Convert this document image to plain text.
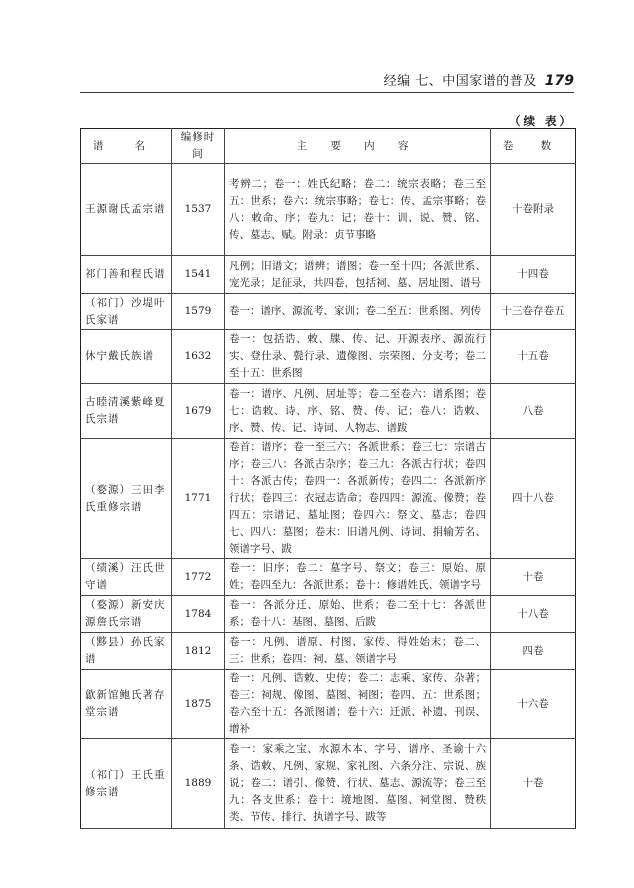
经编 七、中国家谱的普及 179
（续 表）
谱 名	编修时间	主 要 内 容	卷 数
王源谢氏孟宗谱	1537	考辨二；卷一：姓氏纪略；卷二：统宗表略；卷三至五：世系；卷六：统宗事略；卷七：传、孟宗事略；卷八：敕命、序；卷九：记；卷十：训、说、赞、铭、传、墓志、赋。附录：贞节事略	十卷附录
祁门善和程氏谱	1541	凡例；旧谱文；谱辨；谱图；卷一至十四；各派世系、宠光录；足征录，共四卷，包括祠、墓、居址图、谱号	十四卷
（祁门）沙堤叶氏家谱	1579	卷一：谱序、源流考、家训；卷二至五：世系图、列传	十三卷存卷五
休宁戴氏族谱	1632	卷一：包括诰、敕、牒、传、记、开源表序、源流行实、登仕录、甏行录、遗像图、宗荣图、分支考；卷二至十五：世系图	十五卷
古睦清溪紫峰夏氏宗谱	1679	卷一：谱序、凡例、居址等；卷二至卷六：谱系图；卷七：诰敕、诗、序、铭、赞、传、记；卷八：诰敕、序、赞、传、记、诗词、人物志、谱跋	八卷
（婺源）三田李氏重修宗谱	1771	卷首：谱序；卷一至三六：各派世系；卷三七：宗谱古序；卷三八：各派古杂序；卷三九：各派古行状；卷四十：各派古传；卷四一：各派新传；卷四二：各派新序行状；卷四三：衣冠志诰命；卷四四：源流、像赞；卷四五：宗谱记、墓址图；卷四六：祭文、墓志；卷四七、四八：墓图；卷末：旧谱凡例、诗词、捐输芳名、领谱字号、跋	四十八卷
（绩溪）汪氏世守谱	1772	卷一：旧序；卷二：墓字号、祭文；卷三：原始、原姓；卷四至九：各派世系；卷十：修谱姓氏、领谱字号	十卷
（婺源）新安庆源詹氏宗谱	1784	卷一：各派分迁、原始、世系；卷二至十七：各派世系；卷十八：基图、墓图、后跋	十八卷
（黟县）孙氏家谱	1812	卷一：凡例、谱原、村图、家传、得姓始末；卷二、三：世系；卷四：祠、墓、领谱字号	四卷
歙新馆鲍氏著存堂宗谱	1875	卷一：凡例、诰敕、史传；卷二：志乘、家传、杂著；卷三：祠规、像图、墓图、祠图；卷四、五：世系图；卷六至十五：各派图谱；卷十六：迁派、补遗、刊误、增补	十六卷
（祁门）王氏重修宗谱	1889	卷一：家乘之宝、水源木本、字号、谱序、圣谕十六条、诰敕、凡例、家规、家礼图、六条分注、宗说、族说；卷二：谱引、像赞、行状、墓志、源流等；卷三至九：各支世系；卷十：境地图、墓图、祠堂图、赞秩类、节传、排行、执谱字号、跋等	十卷
